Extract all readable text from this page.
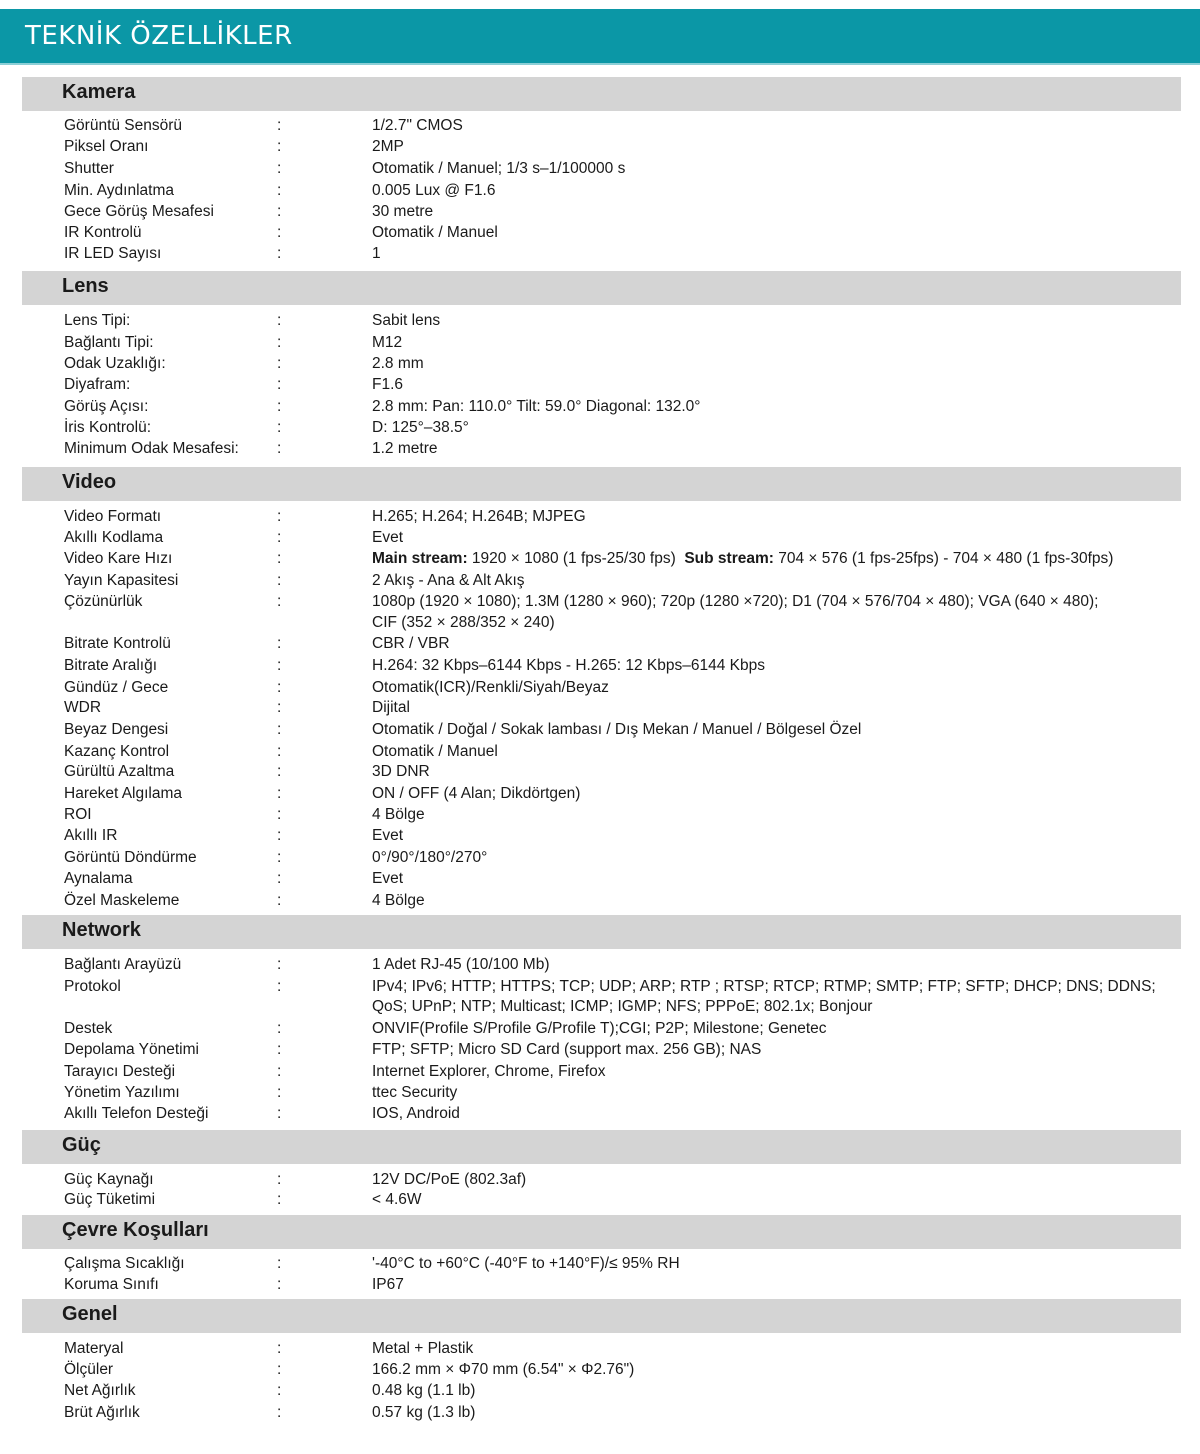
TEKNİK ÖZELLİKLER
Kamera
Görüntü Sensörü	:	1/2.7" CMOS
Piksel Oranı	:	2MP
Shutter	:	Otomatik / Manuel; 1/3 s–1/100000 s
Min. Aydınlatma	:	0.005 Lux @ F1.6
Gece Görüş Mesafesi	:	30 metre
IR Kontrolü	:	Otomatik / Manuel
IR LED Sayısı	:	1
Lens
Lens Tipi:	:	Sabit lens
Bağlantı Tipi:	:	M12
Odak Uzaklığı:	:	2.8 mm
Diyafram:	:	F1.6
Görüş Açısı:	:	2.8 mm: Pan: 110.0° Tilt: 59.0° Diagonal: 132.0°
İris Kontrolü:	:	D: 125°–38.5°
Minimum Odak Mesafesi: :	1.2 metre
Video
Video Formatı	:	H.265; H.264; H.264B; MJPEG
Akıllı Kodlama	:	Evet
Video Kare Hızı	:	Main stream: 1920 × 1080 (1 fps-25/30 fps)  Sub stream: 704 × 576 (1 fps-25fps) - 704 × 480 (1 fps-30fps)
Yayın Kapasitesi	:	2 Akış - Ana & Alt Akış
Çözünürlük	:	1080p (1920 × 1080); 1.3M (1280 × 960); 720p (1280 ×720); D1 (704 × 576/704 × 480); VGA (640 × 480);
CIF (352 × 288/352 × 240)
Bitrate Kontrolü	:	CBR / VBR
Bitrate Aralığı	:	H.264: 32 Kbps–6144 Kbps - H.265: 12 Kbps–6144 Kbps
Gündüz / Gece	:	Otomatik(ICR)/Renkli/Siyah/Beyaz
WDR	:	Dijital
Beyaz Dengesi	:	Otomatik / Doğal / Sokak lambası / Dış Mekan / Manuel / Bölgesel Özel
Kazanç Kontrol	:	Otomatik / Manuel
Gürültü Azaltma	:	3D DNR
Hareket Algılama	:	ON / OFF (4 Alan; Dikdörtgen)
ROI	:	4 Bölge
Akıllı IR	:	Evet
Görüntü Döndürme	:	0°/90°/180°/270°
Aynalama	:	Evet
Özel Maskeleme	:	4 Bölge
Network
Bağlantı Arayüzü	:	1 Adet RJ-45 (10/100 Mb)
Protokol	:	IPv4; IPv6; HTTP; HTTPS; TCP; UDP; ARP; RTP ; RTSP; RTCP; RTMP; SMTP; FTP; SFTP; DHCP; DNS; DDNS;
QoS; UPnP; NTP; Multicast; ICMP; IGMP; NFS; PPPoE; 802.1x; Bonjour
Destek	:	ONVIF(Profile S/Profile G/Profile T);CGI; P2P; Milestone; Genetec
Depolama Yönetimi	:	FTP; SFTP; Micro SD Card (support max. 256 GB); NAS
Tarayıcı Desteği	:	Internet Explorer, Chrome, Firefox
Yönetim Yazılımı	:	ttec Security
Akıllı Telefon Desteği	:	IOS, Android
Güç
Güç Kaynağı	:	12V DC/PoE (802.3af)
Güç Tüketimi	:	< 4.6W
Çevre Koşulları
Çalışma Sıcaklığı	:	'-40°C to +60°C (-40°F to +140°F)/≤ 95% RH
Koruma Sınıfı	:	IP67
Genel
Materyal	:	Metal + Plastik
Ölçüler	:	166.2 mm × Φ70 mm (6.54" × Φ2.76")
Net Ağırlık	:	0.48 kg (1.1 lb)
Brüt Ağırlık	:	0.57 kg (1.3 lb)
